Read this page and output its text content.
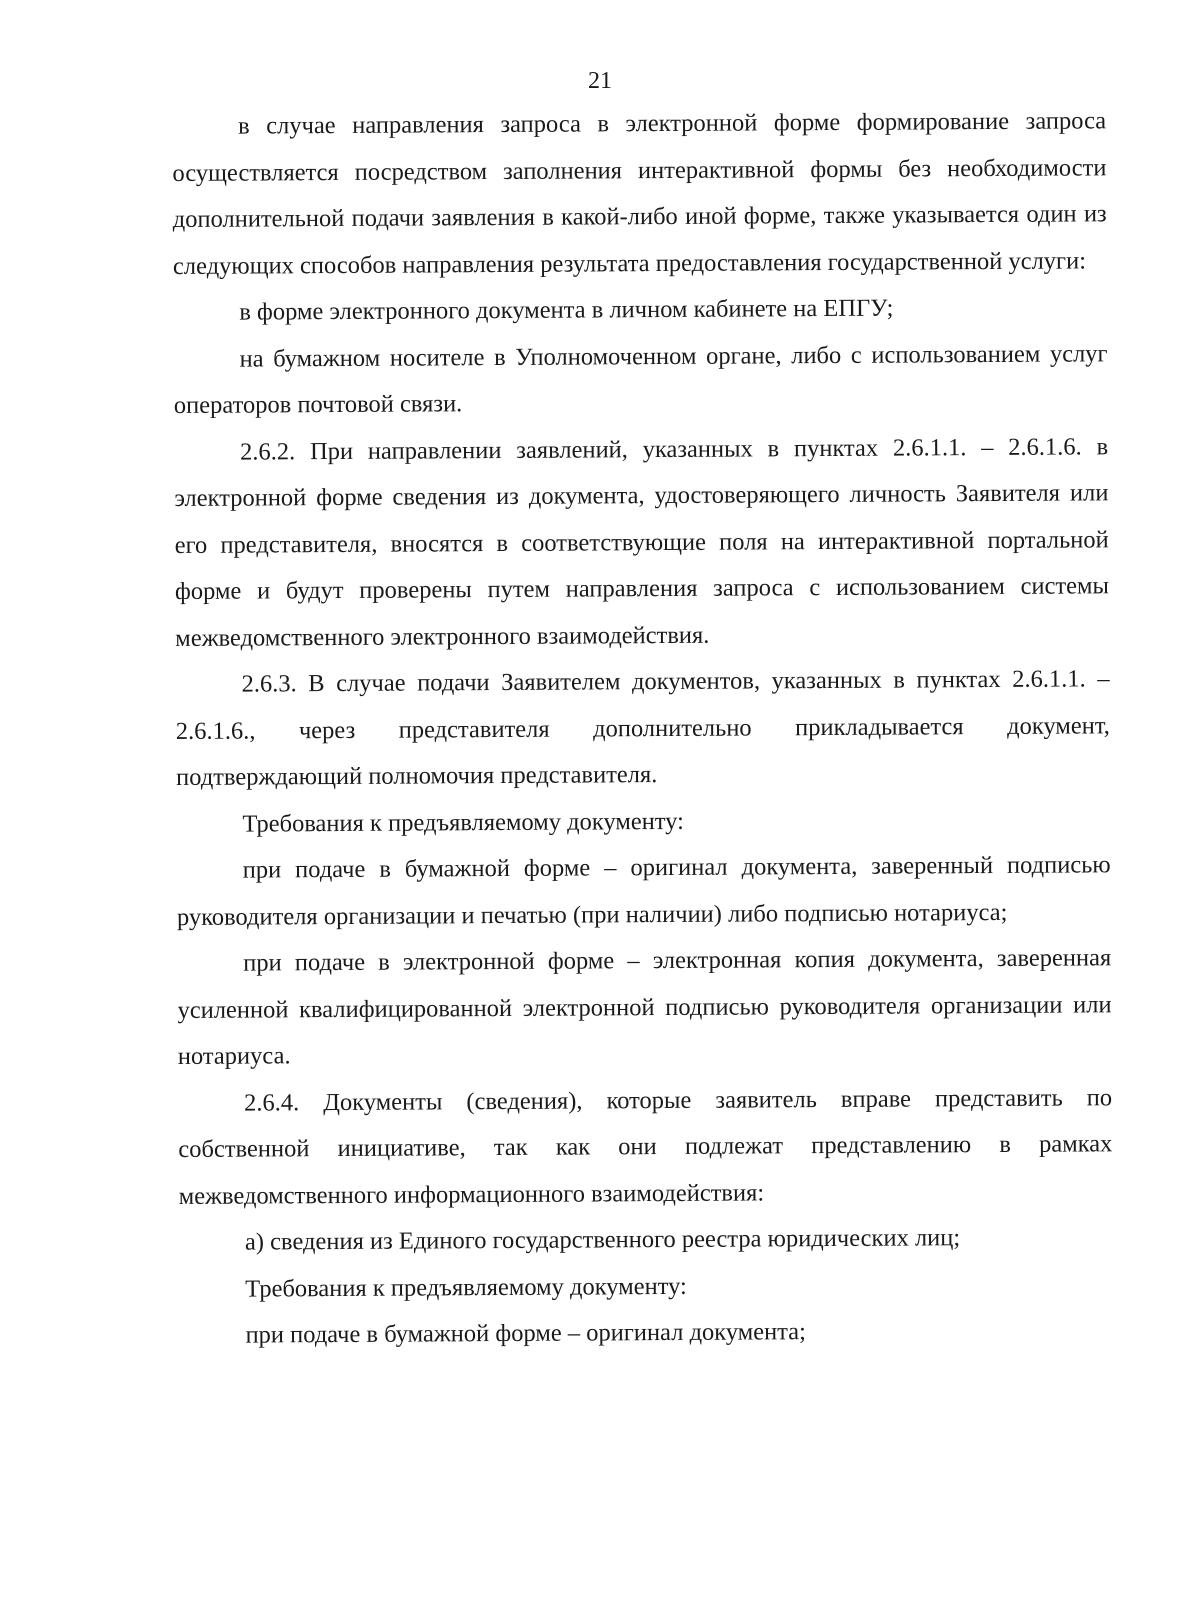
21

в случае направления запроса в электронной форме формирование запроса осуществляется посредством заполнения интерактивной формы без необходимости дополнительной подачи заявления в какой-либо иной форме, также указывается один из следующих способов направления результата предоставления государственной услуги:

в форме электронного документа в личном кабинете на ЕПГУ;

на бумажном носителе в Уполномоченном органе, либо с использованием услуг операторов почтовой связи.

2.6.2. При направлении заявлений, указанных в пунктах 2.6.1.1. – 2.6.1.6. в электронной форме сведения из документа, удостоверяющего личность Заявителя или его представителя, вносятся в соответствующие поля на интерактивной портальной форме и будут проверены путем направления запроса с использованием системы межведомственного электронного взаимодействия.

2.6.3. В случае подачи Заявителем документов, указанных в пунктах 2.6.1.1. – 2.6.1.6., через представителя дополнительно прикладывается документ, подтверждающий полномочия представителя.

Требования к предъявляемому документу:

при подаче в бумажной форме – оригинал документа, заверенный подписью руководителя организации и печатью (при наличии) либо подписью нотариуса;

при подаче в электронной форме – электронная копия документа, заверенная усиленной квалифицированной электронной подписью руководителя организации или нотариуса.

2.6.4. Документы (сведения), которые заявитель вправе представить по собственной инициативе, так как они подлежат представлению в рамках межведомственного информационного взаимодействия:

а) сведения из Единого государственного реестра юридических лиц;

Требования к предъявляемому документу:

при подаче в бумажной форме – оригинал документа;
